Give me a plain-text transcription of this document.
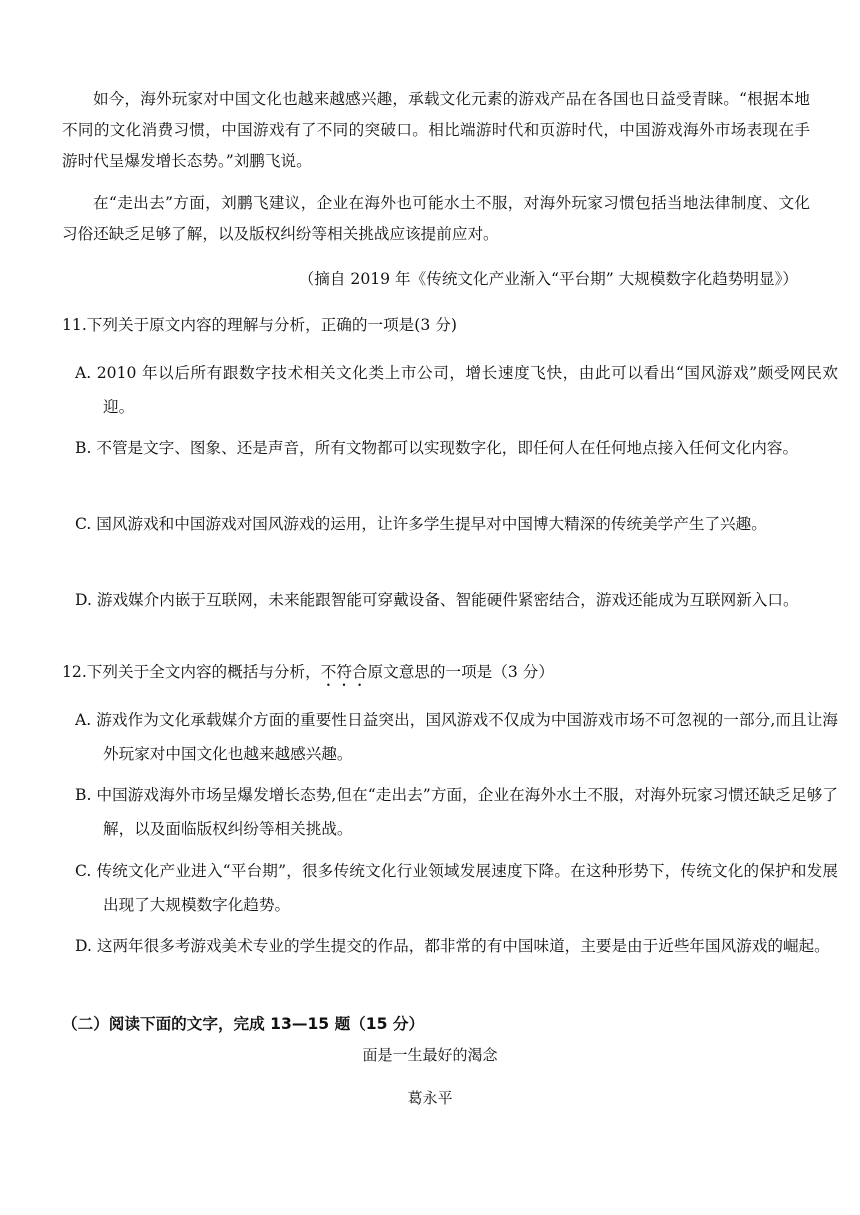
如今，海外玩家对中国文化也越来越感兴趣，承载文化元素的游戏产品在各国也日益受青睐。“根据本地不同的文化消费习惯，中国游戏有了不同的突破口。相比端游时代和页游时代，中国游戏海外市场表现在手游时代呈爆发增长态势。”刘鹏飞说。

在“走出去”方面，刘鹏飞建议，企业在海外也可能水土不服，对海外玩家习惯包括当地法律制度、文化习俗还缺乏足够了解，以及版权纠纷等相关挑战应该提前应对。

（摘自 2019 年《传统文化产业渐入“平台期” 大规模数字化趋势明显》）
11.下列关于原文内容的理解与分析，正确的一项是(3 分)

A. 2010 年以后所有跟数字技术相关文化类上市公司，增长速度飞快，由此可以看出“国风游戏”颇受网民欢迎。

B. 不管是文字、图象、还是声音，所有文物都可以实现数字化，即任何人在任何地点接入任何文化内容。

C. 国风游戏和中国游戏对国风游戏的运用，让许多学生提早对中国博大精深的传统美学产生了兴趣。

D. 游戏媒介内嵌于互联网，未来能跟智能可穿戴设备、智能硬件紧密结合，游戏还能成为互联网新入口。

12.下列关于全文内容的概括与分析，不符合原文意思的一项是（3 分）

A. 游戏作为文化承载媒介方面的重要性日益突出，国风游戏不仅成为中国游戏市场不可忽视的一部分,而且让海外玩家对中国文化也越来越感兴趣。

B. 中国游戏海外市场呈爆发增长态势,但在“走出去”方面，企业在海外水土不服，对海外玩家习惯还缺乏足够了解，以及面临版权纠纷等相关挑战。

C. 传统文化产业进入“平台期”，很多传统文化行业领域发展速度下降。在这种形势下，传统文化的保护和发展出现了大规模数字化趋势。

D. 这两年很多考游戏美术专业的学生提交的作品，都非常的有中国味道，主要是由于近些年国风游戏的崛起。

（二）阅读下面的文字，完成 13—15 题（15 分）
面是一生最好的渴念
葛永平
